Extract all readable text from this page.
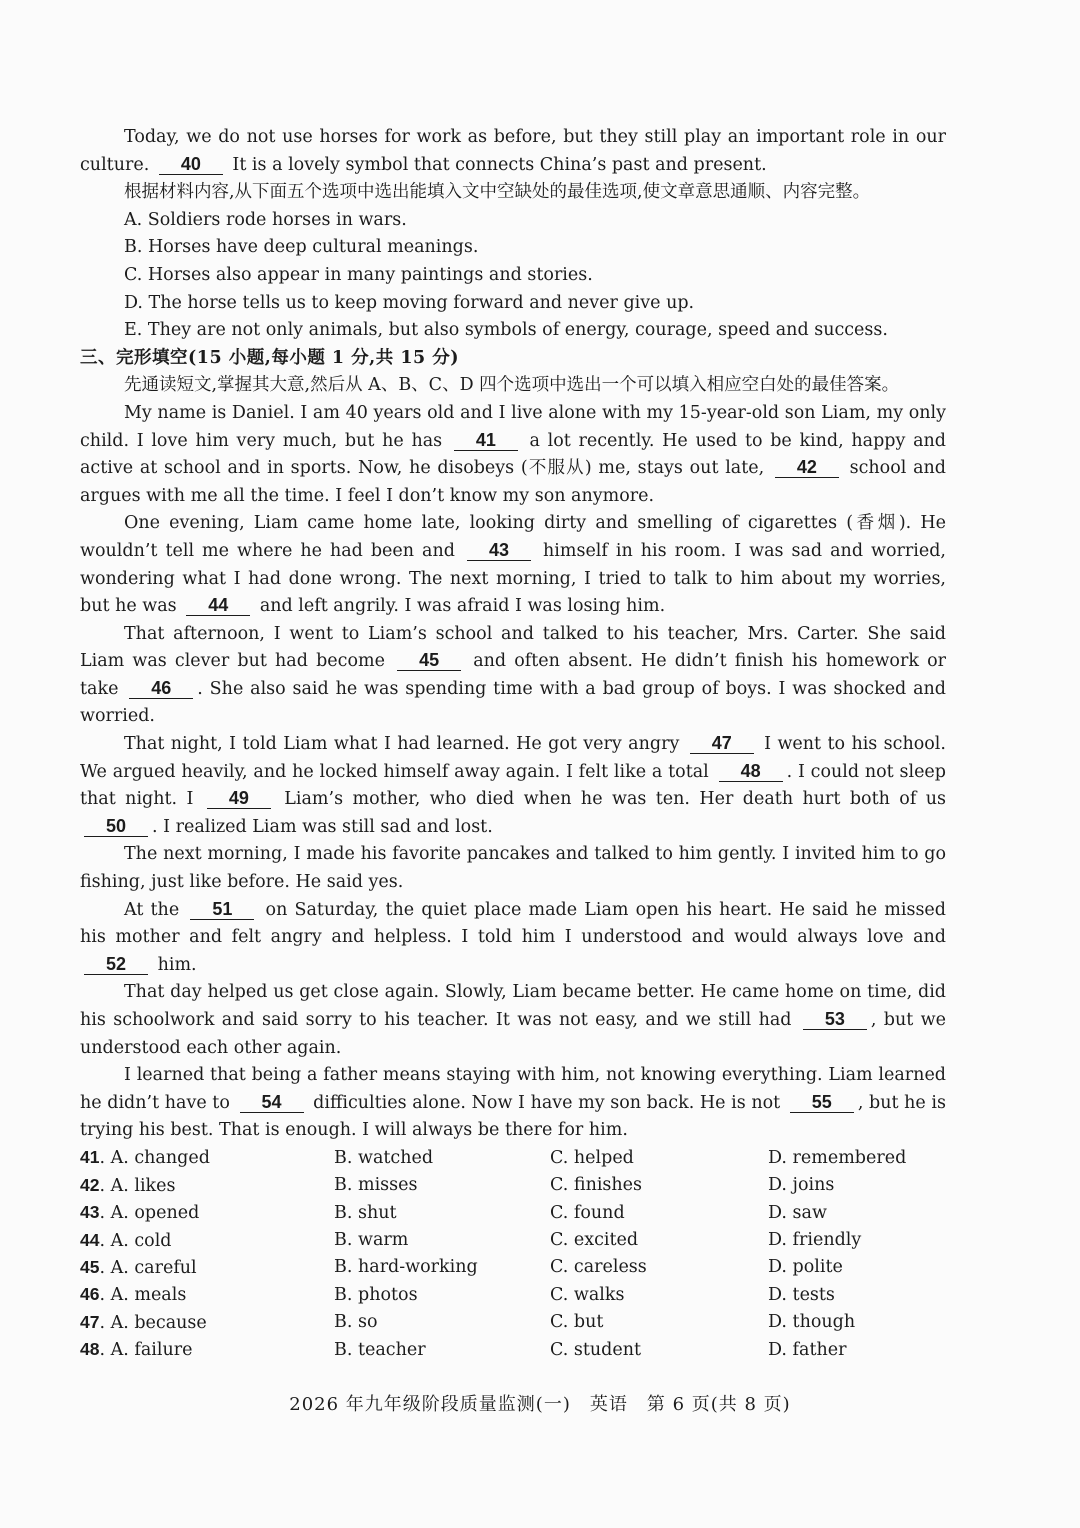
Today, we do not use horses for work as before, but they still play an important role in our culture. 40 It is a lovely symbol that connects China’s past and present.

根据材料内容,从下面五个选项中选出能填入文中空缺处的最佳选项,使文章意思通顺、内容完整。

A. Soldiers rode horses in wars.

B. Horses have deep cultural meanings.

C. Horses also appear in many paintings and stories.

D. The horse tells us to keep moving forward and never give up.

E. They are not only animals, but also symbols of energy, courage, speed and success.

三、完形填空(15 小题,每小题 1 分,共 15 分)

先通读短文,掌握其大意,然后从 A、B、C、D 四个选项中选出一个可以填入相应空白处的最佳答案。

My name is Daniel. I am 40 years old and I live alone with my 15-year-old son Liam, my only child. I love him very much, but he has 41 a lot recently. He used to be kind, happy and active at school and in sports. Now, he disobeys (不服从) me, stays out late, 42 school and argues with me all the time. I feel I don’t know my son anymore.

One evening, Liam came home late, looking dirty and smelling of cigarettes (香烟). He wouldn’t tell me where he had been and 43 himself in his room. I was sad and worried, wondering what I had done wrong. The next morning, I tried to talk to him about my worries, but he was 44 and left angrily. I was afraid I was losing him.

That afternoon, I went to Liam’s school and talked to his teacher, Mrs. Carter. She said Liam was clever but had become 45 and often absent. He didn’t finish his homework or take 46 . She also said he was spending time with a bad group of boys. I was shocked and worried.

That night, I told Liam what I had learned. He got very angry 47 I went to his school. We argued heavily, and he locked himself away again. I felt like a total 48 . I could not sleep that night. I 49 Liam’s mother, who died when he was ten. Her death hurt both of us 50 . I realized Liam was still sad and lost.

The next morning, I made his favorite pancakes and talked to him gently. I invited him to go fishing, just like before. He said yes.

At the 51 on Saturday, the quiet place made Liam open his heart. He said he missed his mother and felt angry and helpless. I told him I understood and would always love and 52 him.

That day helped us get close again. Slowly, Liam became better. He came home on time, did his schoolwork and said sorry to his teacher. It was not easy, and we still had 53 , but we understood each other again.

I learned that being a father means staying with him, not knowing everything. Liam learned he didn’t have to 54 difficulties alone. Now I have my son back. He is not 55 , but he is trying his best. That is enough. I will always be there for him.

41. A. changed	B. watched	C. helped	D. remembered
42. A. likes	B. misses	C. finishes	D. joins
43. A. opened	B. shut	C. found	D. saw
44. A. cold	B. warm	C. excited	D. friendly
45. A. careful	B. hard-working	C. careless	D. polite
46. A. meals	B. photos	C. walks	D. tests
47. A. because	B. so	C. but	D. though
48. A. failure	B. teacher	C. student	D. father
2026 年九年级阶段质量监测(一)　英语　第 6 页(共 8 页)
